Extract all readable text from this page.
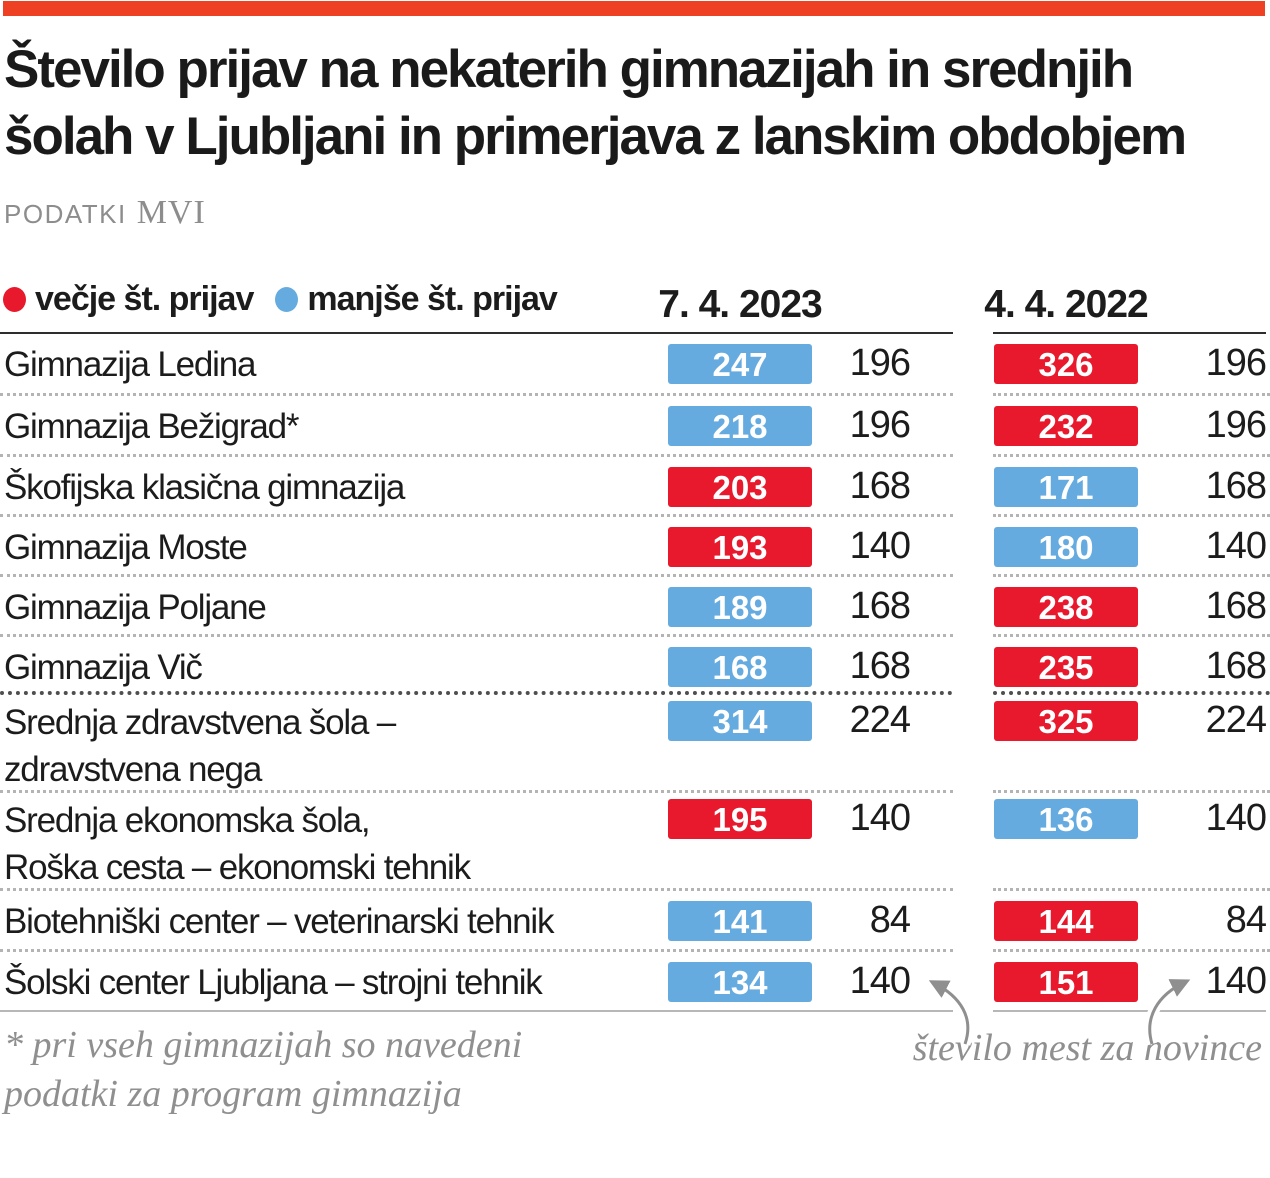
Število prijav na nekaterih gimnazijah in srednjih
šolah v Ljubljani in primerjava z lanskim obdobjem
PODATKI MVI
večje št. prijav manjše št. prijav	7. 4. 2023	4. 4. 2022
Gimnazija Ledina	247	196	326	196
Gimnazija Bežigrad*	218	196	232	196
Škofijska klasična gimnazija	203	168	171	168
Gimnazija Moste	193	140	180	140
Gimnazija Poljane	189	168	238	168
Gimnazija Vič	168	168	235	168
Srednja zdravstvena šola –
zdravstvena nega
314	224	325	224
Srednja ekonomska šola,
Roška cesta – ekonomski tehnik
195	140	136	140
Biotehniški center – veterinarski tehnik	141	84	144	84
Šolski center Ljubljana – strojni tehnik	134	140	151	140
* pri vseh gimnazijah so navedeni
podatki za program gimnazija
število mest za novince
